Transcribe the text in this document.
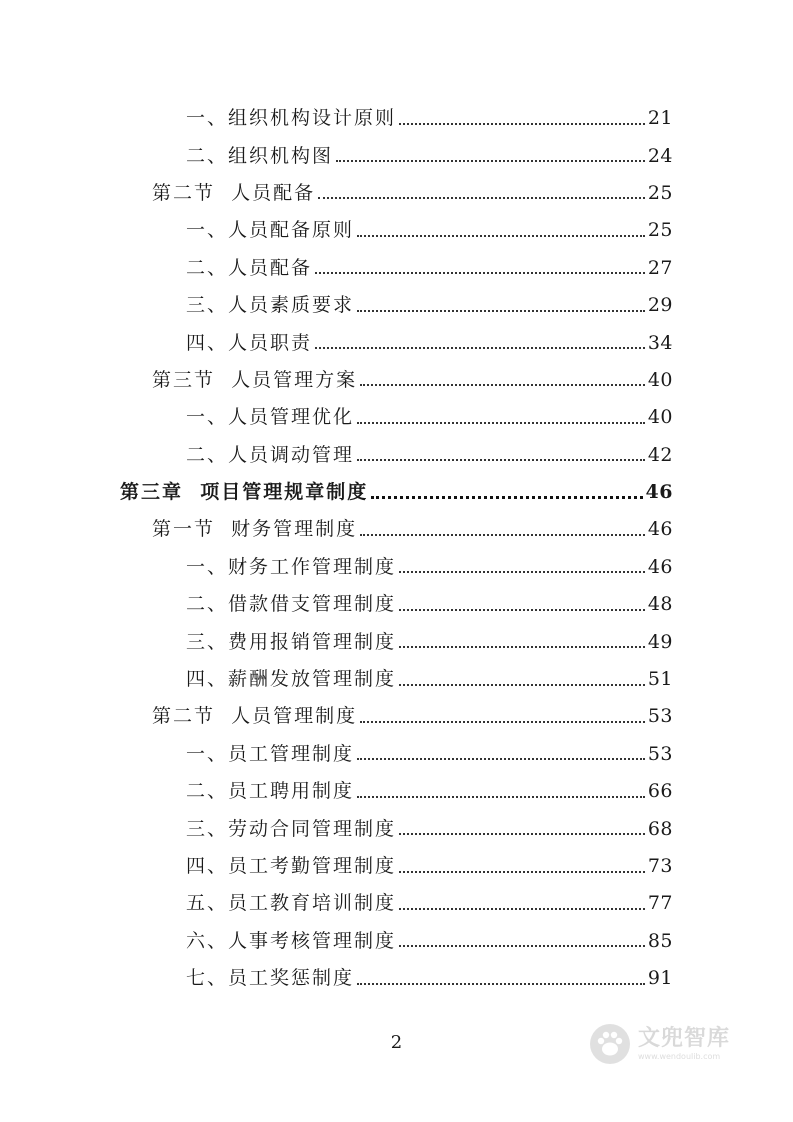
一、组织机构设计原则	21
二、组织机构图	24
第二节  人员配备	25
一、人员配备原则	25
二、人员配备	27
三、人员素质要求	29
四、人员职责	34
第三节  人员管理方案	40
一、人员管理优化	40
二、人员调动管理	42
第三章  项目管理规章制度	46
第一节  财务管理制度	46
一、财务工作管理制度	46
二、借款借支管理制度	48
三、费用报销管理制度	49
四、薪酬发放管理制度	51
第二节  人员管理制度	53
一、员工管理制度	53
二、员工聘用制度	66
三、劳动合同管理制度	68
四、员工考勤管理制度	73
五、员工教育培训制度	77
六、人事考核管理制度	85
七、员工奖惩制度	91
2	文兜智库
www.wendoulib.com
